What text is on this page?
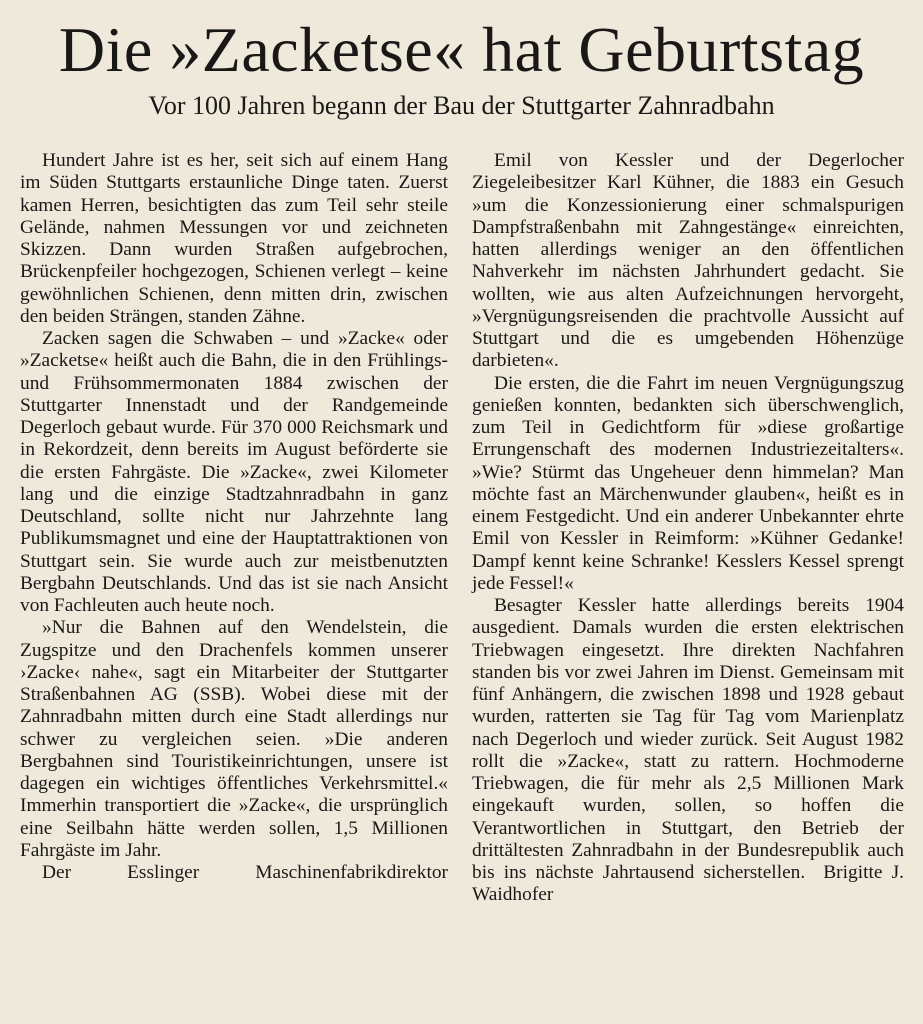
Die »Zacketse« hat Geburtstag
Vor 100 Jahren begann der Bau der Stuttgarter Zahnradbahn

Hundert Jahre ist es her, seit sich auf einem Hang im Süden Stuttgarts erstaunliche Dinge taten. Zuerst kamen Herren, besichtigten das zum Teil sehr steile Gelände, nahmen Messungen vor und zeichneten Skizzen. Dann wurden Straßen aufgebrochen, Brückenpfeiler hochgezogen, Schienen verlegt – keine gewöhnlichen Schienen, denn mitten drin, zwischen den beiden Strängen, standen Zähne.

Zacken sagen die Schwaben – und »Zacke« oder »Zacketse« heißt auch die Bahn, die in den Frühlings- und Frühsommermonaten 1884 zwischen der Stuttgarter Innenstadt und der Randgemeinde Degerloch gebaut wurde. Für 370 000 Reichsmark und in Rekordzeit, denn bereits im August beförderte sie die ersten Fahrgäste. Die »Zacke«, zwei Kilometer lang und die einzige Stadtzahnradbahn in ganz Deutschland, sollte nicht nur Jahrzehnte lang Publikumsmagnet und eine der Hauptattraktionen von Stuttgart sein. Sie wurde auch zur meistbenutzten Bergbahn Deutschlands. Und das ist sie nach Ansicht von Fachleuten auch heute noch.

»Nur die Bahnen auf den Wendelstein, die Zugspitze und den Drachenfels kommen unserer ›Zacke‹ nahe«, sagt ein Mitarbeiter der Stuttgarter Straßenbahnen AG (SSB). Wobei diese mit der Zahnradbahn mitten durch eine Stadt allerdings nur schwer zu vergleichen seien. »Die anderen Bergbahnen sind Touristikeinrichtungen, unsere ist dagegen ein wichtiges öffentliches Verkehrsmittel.« Immerhin transportiert die »Zacke«, die ursprünglich eine Seilbahn hätte werden sollen, 1,5 Millionen Fahrgäste im Jahr.

Der Esslinger Maschinenfabrikdirektor

Emil von Kessler und der Degerlocher Ziegeleibesitzer Karl Kühner, die 1883 ein Gesuch »um die Konzessionierung einer schmalspurigen Dampfstraßenbahn mit Zahngestänge« einreichten, hatten allerdings weniger an den öffentlichen Nahverkehr im nächsten Jahrhundert gedacht. Sie wollten, wie aus alten Aufzeichnungen hervorgeht, »Vergnügungsreisenden die prachtvolle Aussicht auf Stuttgart und die es umgebenden Höhenzüge darbieten«.

Die ersten, die die Fahrt im neuen Vergnügungszug genießen konnten, bedankten sich überschwenglich, zum Teil in Gedichtform für »diese großartige Errungenschaft des modernen Industriezeitalters«. »Wie? Stürmt das Ungeheuer denn himmelan? Man möchte fast an Märchenwunder glauben«, heißt es in einem Festgedicht. Und ein anderer Unbekannter ehrte Emil von Kessler in Reimform: »Kühner Gedanke! Dampf kennt keine Schranke! Kesslers Kessel sprengt jede Fessel!«

Besagter Kessler hatte allerdings bereits 1904 ausgedient. Damals wurden die ersten elektrischen Triebwagen eingesetzt. Ihre direkten Nachfahren standen bis vor zwei Jahren im Dienst. Gemeinsam mit fünf Anhängern, die zwischen 1898 und 1928 gebaut wurden, ratterten sie Tag für Tag vom Marienplatz nach Degerloch und wieder zurück. Seit August 1982 rollt die »Zacke«, statt zu rattern. Hochmoderne Triebwagen, die für mehr als 2,5 Millionen Mark eingekauft wurden, sollen, so hoffen die Verantwortlichen in Stuttgart, den Betrieb der drittältesten Zahnradbahn in der Bundesrepublik auch bis ins nächste Jahrtausend sicherstellen. Brigitte J. Waidhofer
